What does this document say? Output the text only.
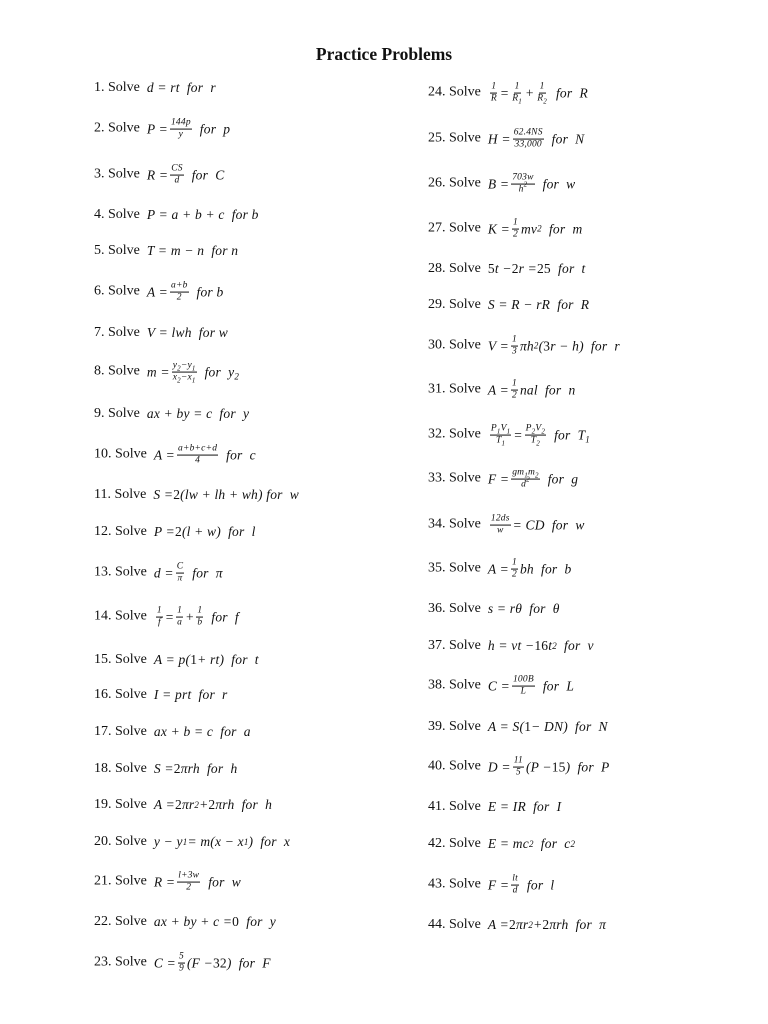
Practice Problems
1. Solve d = rt  for  r
2. Solve $P = \frac{144p}{y}$ for  p
3. Solve $R = \frac{CS}{d}$ for  C
4. Solve P = a + b + c  for b
5. Solve T = m − n  for n
6. Solve $A = \frac{a+b}{2}$ for b
7. Solve V = lwh  for w
8. Solve $m = \frac{y_2-y_1}{x_2-x_1}$ for  $y_2$
9. Solve ax + by = c  for  y
10. Solve $A = \frac{a+b+c+d}{4}$ for  c
11. Solve S = 2 (lw + lh + wh) for  w
12. Solve P = 2 (l + w)  for  l
13. Solve $d = \frac{C}{\pi}$ for  π
14. Solve $\frac{1}{f} = \frac{1}{a} + \frac{1}{b}$ for  f
15. Solve A = p( 1 + rt)  for  t
16. Solve I = prt  for  r
17. Solve ax + b = c  for  a
18. Solve S = 2 πrh  for  h
19. Solve A = 2 πr 2 + 2 πrh  for  h
20. Solve y − y 1 = m(x − x 1 )  for  x
21. Solve $R = \frac{l+3w}{2}$ for  w
22. Solve ax + by + c = 0 for  y
23. Solve $C = \frac{5}{9} (F - 32$ )  for  F
24. Solve $\frac{1}{R} = \frac{1}{R_1} + \frac{1}{R_2}$ for  R
25. Solve $H = \frac{62.4NS}{33,000}$ for  N
26. Solve $B = \frac{703w}{h^2}$ for  w
27. Solve $K = \frac{1}{2}$ mv 2 for  m
28. Solve 5 t − 2 r = 25 for  t
29. Solve S = R − rR  for  R
30. Solve $V = \frac{1}{3}$ πh 2 ( 3 r − h)  for  r
31. Solve $A = \frac{1}{2}$ nal  for  n
32. Solve $\frac{P_1V_1}{T_1} = \frac{P_2V_2}{T_2}$ for  $T_1$
33. Solve $F = \frac{gm_1m_2}{d^2}$ for  g
34. Solve $\frac{12ds}{w}$ = CD  for  w
35. Solve $A = \frac{1}{2}$ bh  for  b
36. Solve s = rθ  for  θ
37. Solve h = vt − 16 t 2 for  v
38. Solve $C = \frac{100B}{L}$ for  L
39. Solve A = S( 1 − DN)  for  N
40. Solve $D = \frac{11}{5} (P - 15$ )  for  P
41. Solve E = IR  for  I
42. Solve E = mc 2 for  c 2
43. Solve $F = \frac{lt}{d}$ for  l
44. Solve A = 2 πr 2 + 2 πrh  for  π
